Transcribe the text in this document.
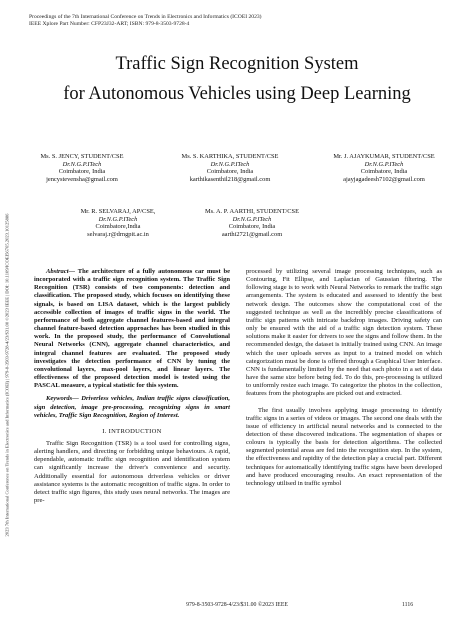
Proceedings of the 7th International Conference on Trends in Electronics and Informatics (ICOEI 2023)
IEEE Xplore Part Number: CFP23J32-ART; ISBN: 979-8-3503-9728-4
Traffic Sign Recognition System
for Autonomous Vehicles using Deep Learning
Ms. S. JENCY, STUDENT/CSE
Dr.N.G.P.ITech
Coimbatore, India
jencystevensha@gmail.com
Ms. S. KARTHIKA, STUDENT/CSE
Dr.N.G.P.ITech
Coimbatore, India
karthikasenthil218@gmail.com
Mr. J. AJAYKUMAR, STUDENT/CSE
Dr.N.G.P.ITech
Coimbatore, India
ajayjagadeesh7102@gmail.com
Mr. R. SELVARAJ, AP/CSE,
Dr.N.G.P.ITech
Coimbatore,India
selvaraj.r@drngpit.ac.in
Ms. A. P. AARTHI, STUDENT/CSE
Dr.N.G.P.ITech
Coimbatore, India
aarthi2721@gmail.com
2023 7th International Conference on Trends in Electronics and Informatics (ICOEI) | 979-8-3503-9728-4/23/$31.00 ©2023 IEEE | DOI: 10.1109/ICOEI56765.2023.10125886	Abstract— The architecture of a fully autonomous car must be incorporated with a traffic sign recognition system. The Traffic Sign Recognition (TSR) consists of two components: detection and classification. The proposed study, which focuses on identifying these signals, is based on LISA dataset, which is the largest publicly accessible collection of images of traffic signs in the world. The performance of both aggregate channel features-based and integral channel feature-based detection approaches has been studied in this work. In the proposed study, the performance of Convolutional Neural Networks (CNN), aggregate channel characteristics, and integral channel features are evaluated. The proposed study investigates the detection performance of CNN by tuning the convolutional layers, max-pool layers, and linear layers. The effectiveness of the proposed detection model is tested using the PASCAL measure, a typical statistic for this system.

Keywords— Driverless vehicles, Indian traffic signs classification, sign detection, image pre-processing, recognizing signs in smart vehicles, Traffic Sign Recognition, Region of Interest.

I. INTRODUCTION

Traffic Sign Recognition (TSR) is a tool used for controlling signs, alerting handlers, and directing or forbidding unique behaviours. A rapid, dependable, automatic traffic sign recognition and identification system can significantly increase the driver's convenience and security. Additionally essential for autonomous driverless vehicles or driver assistance systems is the automatic recognition of traffic signs. In order to detect traffic sign figures, this study uses neural networks. The images are pre-

processed by utilizing several image processing techniques, such as Contouring, Fit Ellipse, and Laplacian of Gaussian filtering. The following stage is to work with Neural Networks to remark the traffic sign arrangements. The system is educated and assessed to identify the best network design. The outcomes show the computational cost of the suggested technique as well as the incredibly precise classifications of traffic sign patterns with intricate backdrop images. Driving safety can only be ensured with the aid of a traffic sign detection system. These solutions make it easier for drivers to see the signs and follow them. In the recommended design, the dataset is initially trained using CNN. An image which the user uploads serves as input to a trained model on which categorization must be done is offered through a Graphical User Interface. CNN is fundamentally limited by the need that each photo in a set of data have the same size before being fed. To do this, pre-processing is utilized to uniformly resize each image. To categorize the photos in the collection, features from the photographs are picked out and extracted.

The first usually involves applying image processing to identify traffic signs in a series of videos or images. The second one deals with the issue of efficiency in artificial neural networks and is connected to the detection of these discovered indications. The segmentation of shapes or colours is typically the basis for detection algorithms. The collected segmented potential areas are fed into the recognition step. In the system, the effectiveness and rapidity of the detection play a crucial part. Different techniques for automatically identifying traffic signs have been developed and have produced encouraging results. An exact representation of the technology utilised in traffic symbol

979-8-3503-9728-4/23/$31.00 ©2023 IEEE	1116
